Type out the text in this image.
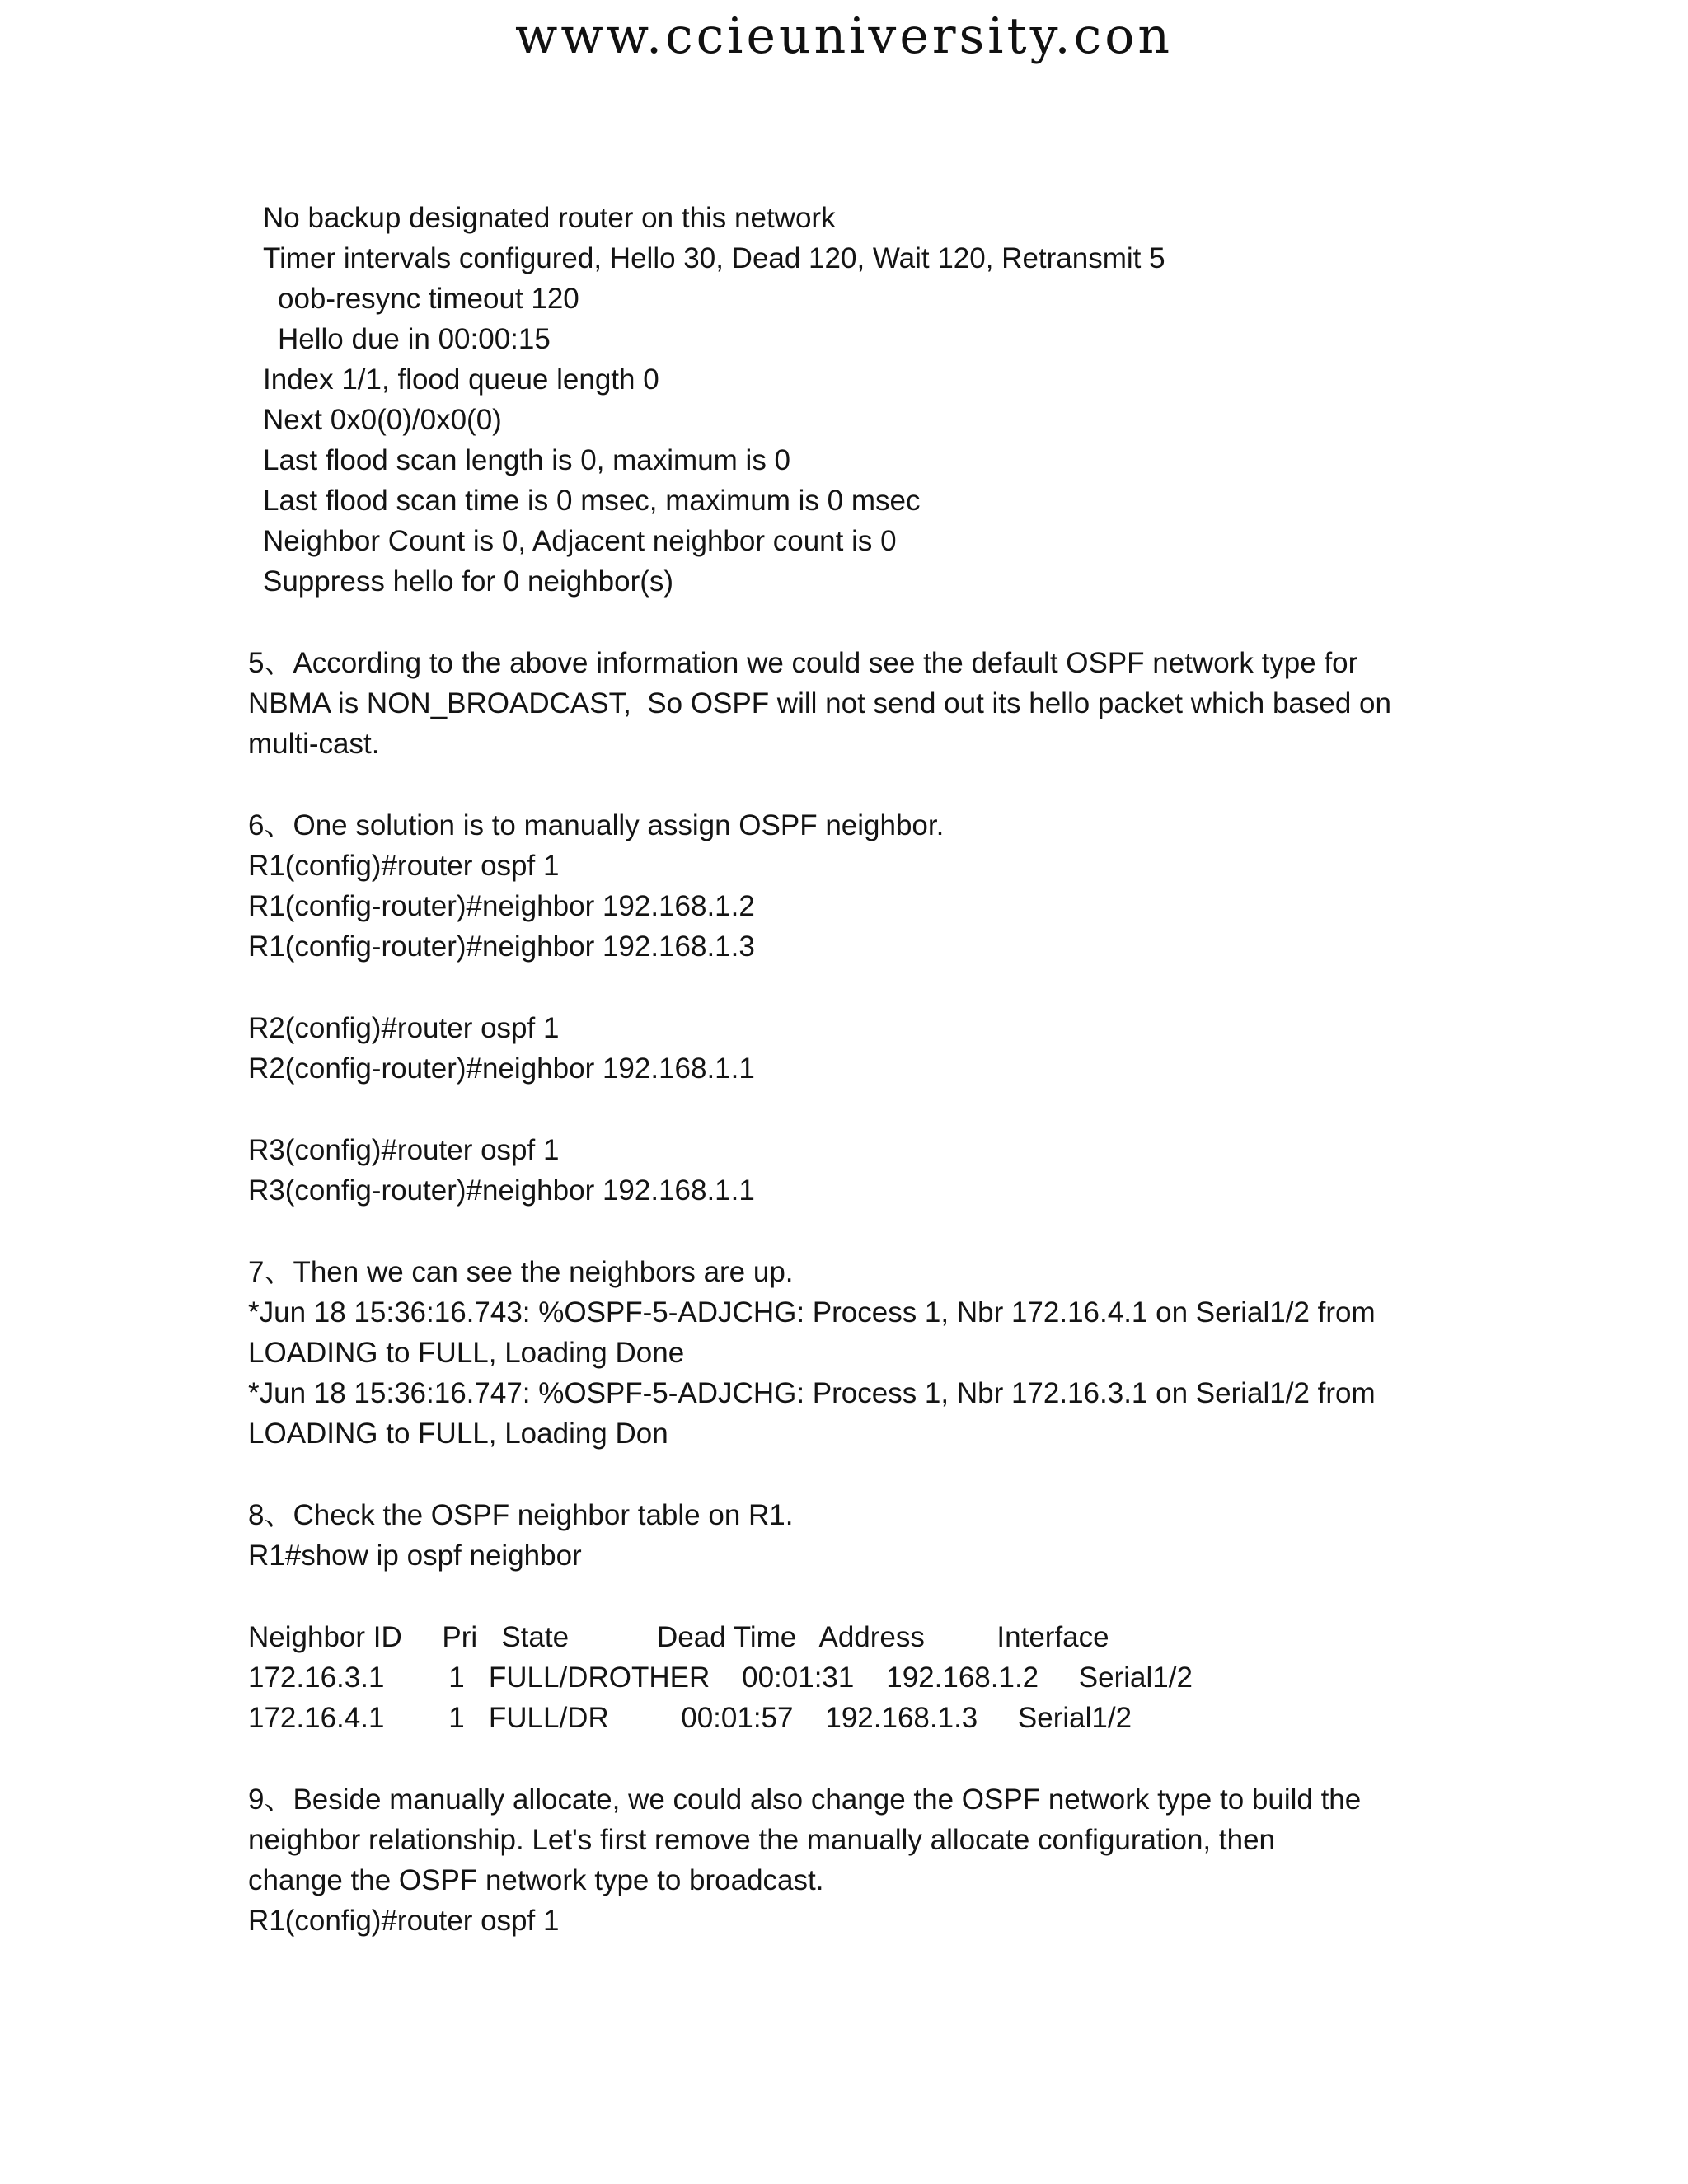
www.ccieuniversity.con
No backup designated router on this network
Timer intervals configured, Hello 30, Dead 120, Wait 120, Retransmit 5
oob-resync timeout 120
Hello due in 00:00:15
Index 1/1, flood queue length 0
Next 0x0(0)/0x0(0)
Last flood scan length is 0, maximum is 0
Last flood scan time is 0 msec, maximum is 0 msec
Neighbor Count is 0, Adjacent neighbor count is 0
Suppress hello for 0 neighbor(s)
5、According to the above information we could see the default OSPF network type for
NBMA is NON_BROADCAST,  So OSPF will not send out its hello packet which based on
multi-cast.
6、One solution is to manually assign OSPF neighbor.
R1(config)#router ospf 1
R1(config-router)#neighbor 192.168.1.2
R1(config-router)#neighbor 192.168.1.3
R2(config)#router ospf 1
R2(config-router)#neighbor 192.168.1.1
R3(config)#router ospf 1
R3(config-router)#neighbor 192.168.1.1
7、Then we can see the neighbors are up.
*Jun 18 15:36:16.743: %OSPF-5-ADJCHG: Process 1, Nbr 172.16.4.1 on Serial1/2 from
LOADING to FULL, Loading Done
*Jun 18 15:36:16.747: %OSPF-5-ADJCHG: Process 1, Nbr 172.16.3.1 on Serial1/2 from
LOADING to FULL, Loading Don
8、Check the OSPF neighbor table on R1.
R1#show ip ospf neighbor
Neighbor ID     Pri   State           Dead Time   Address         Interface
172.16.3.1        1   FULL/DROTHER    00:01:31    192.168.1.2     Serial1/2
172.16.4.1        1   FULL/DR         00:01:57    192.168.1.3     Serial1/2
9、Beside manually allocate, we could also change the OSPF network type to build the
neighbor relationship. Let's first remove the manually allocate configuration, then
change the OSPF network type to broadcast.
R1(config)#router ospf 1
